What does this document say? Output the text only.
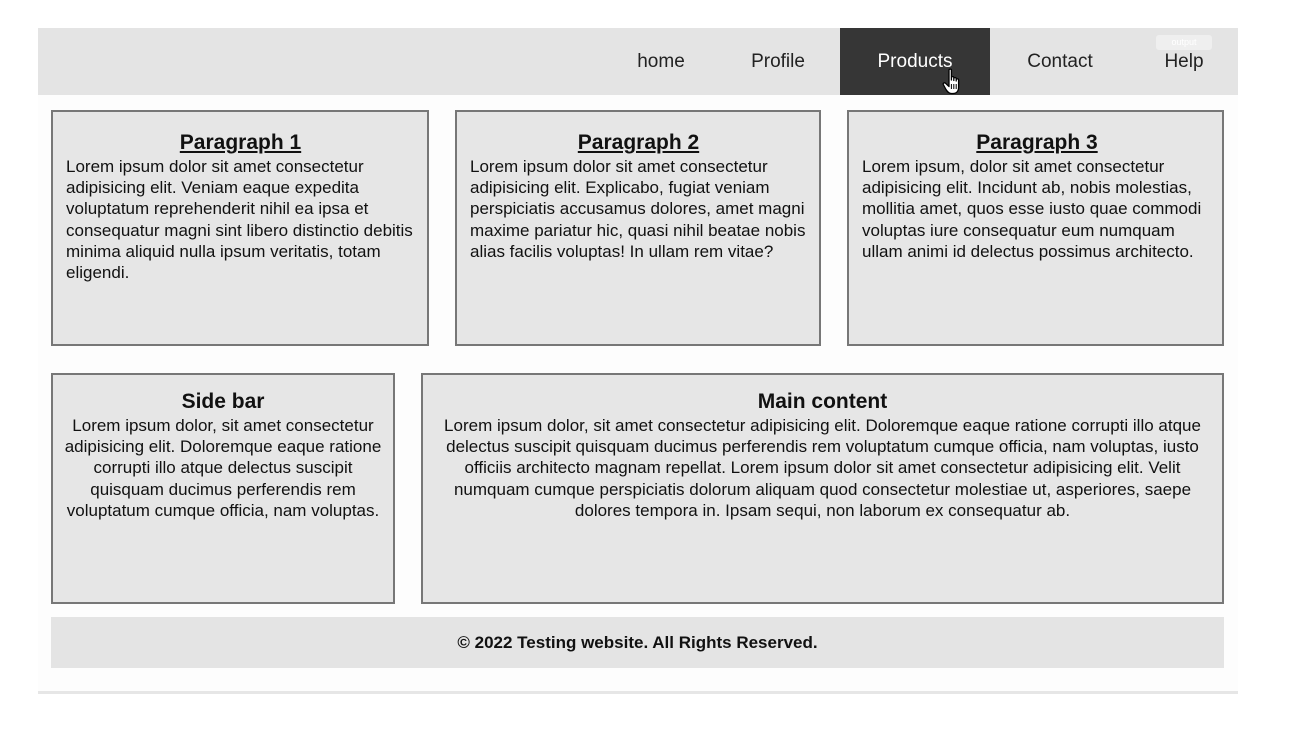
home	Profile	Products	Contact	Help
output
Paragraph 1

Lorem ipsum dolor sit amet consectetur adipisicing elit. Veniam eaque expedita voluptatum reprehenderit nihil ea ipsa et consequatur magni sint libero distinctio debitis minima aliquid nulla ipsum veritatis, totam eligendi.

Paragraph 2

Lorem ipsum dolor sit amet consectetur adipisicing elit. Explicabo, fugiat veniam perspiciatis accusamus dolores, amet magni maxime pariatur hic, quasi nihil beatae nobis alias facilis voluptas! In ullam rem vitae?

Paragraph 3

Lorem ipsum, dolor sit amet consectetur adipisicing elit. Incidunt ab, nobis molestias, mollitia amet, quos esse iusto quae commodi voluptas iure consequatur eum numquam ullam animi id delectus possimus architecto.

Side bar

Lorem ipsum dolor, sit amet consectetur adipisicing elit. Doloremque eaque ratione corrupti illo atque delectus suscipit quisquam ducimus perferendis rem voluptatum cumque officia, nam voluptas.

Main content

Lorem ipsum dolor, sit amet consectetur adipisicing elit. Doloremque eaque ratione corrupti illo atque delectus suscipit quisquam ducimus perferendis rem voluptatum cumque officia, nam voluptas, iusto officiis architecto magnam repellat. Lorem ipsum dolor sit amet consectetur adipisicing elit. Velit numquam cumque perspiciatis dolorum aliquam quod consectetur molestiae ut, asperiores, saepe dolores tempora in. Ipsam sequi, non laborum ex consequatur ab.

© 2022 Testing website. All Rights Reserved.
